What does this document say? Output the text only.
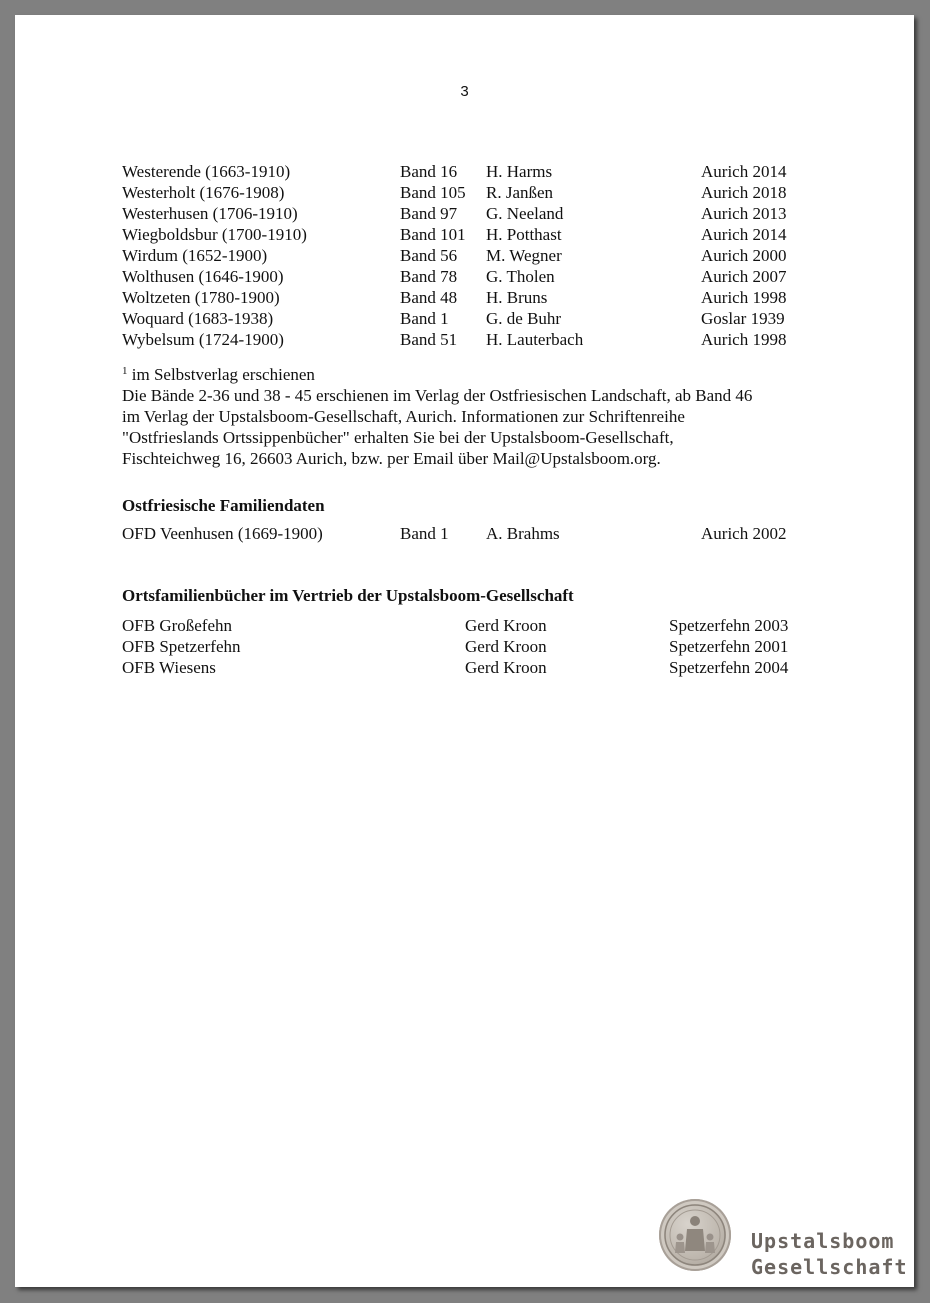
3
Westerende (1663-1910)	Band 16 H. Harms	Aurich 2014
Westerholt (1676-1908)	Band 105 R. Janßen	Aurich 2018
Westerhusen (1706-1910)	Band 97 G. Neeland	Aurich 2013
Wiegboldsbur (1700-1910)	Band 101 H. Potthast	Aurich 2014
Wirdum (1652-1900)	Band 56 M. Wegner	Aurich 2000
Wolthusen (1646-1900)	Band 78 G. Tholen	Aurich 2007
Woltzeten (1780-1900)	Band 48 H. Bruns	Aurich 1998
Woquard (1683-1938)	Band 1 G. de Buhr	Goslar 1939
Wybelsum (1724-1900)	Band 51 H. Lauterbach	Aurich 1998
$^1$ im Selbstverlag erschienen
Die Bände 2-36 und 38 - 45 erschienen im Verlag der Ostfriesischen Landschaft, ab Band 46
im Verlag der Upstalsboom-Gesellschaft, Aurich. Informationen zur Schriftenreihe
"Ostfrieslands Ortssippenbücher" erhalten Sie bei der Upstalsboom-Gesellschaft,
Fischteichweg 16, 26603 Aurich, bzw. per Email über Mail@Upstalsboom.org.
Ostfriesische Familiendaten
OFD Veenhusen (1669-1900)	Band 1 A. Brahms	Aurich 2002
Ortsfamilienbücher im Vertrieb der Upstalsboom-Gesellschaft
OFB Großefehn	Gerd Kroon	Spetzerfehn 2003
OFB Spetzerfehn	Gerd Kroon	Spetzerfehn 2001
OFB Wiesens	Gerd Kroon	Spetzerfehn 2004
Upstalsboom
Gesellschaft
